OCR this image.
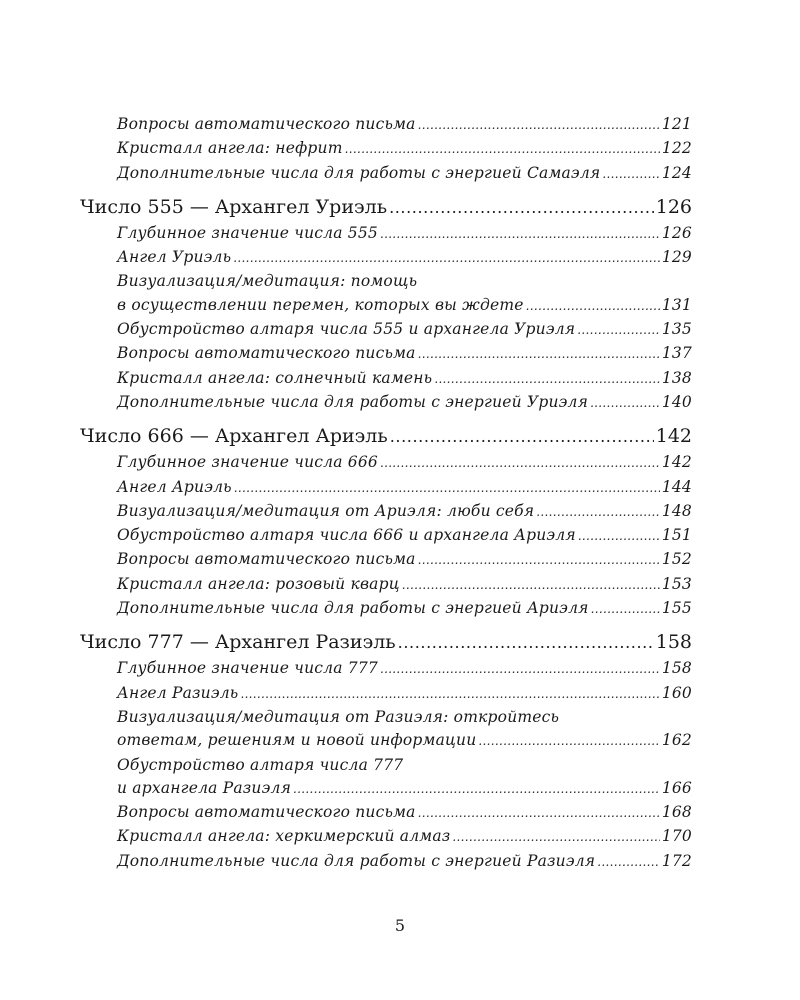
Вопросы автоматического письма .....	121
Кристалл ангела: нефрит .....	122
Дополнительные числа для работы с энергией Самаэля .....	124
Число 555 — Архангел Уриэль .....	126
Глубинное значение числа 555 .....	126
Ангел Уриэль .....	129
Визуализация/медитация: помощь
в осуществлении перемен, которых вы ждете .....	131
Обустройство алтаря числа 555 и архангела Уриэля .....	135
Вопросы автоматического письма .....	137
Кристалл ангела: солнечный камень .....	138
Дополнительные числа для работы с энергией Уриэля .....	140
Число 666 — Архангел Ариэль .....	142
Глубинное значение числа 666 .....	142
Ангел Ариэль .....	144
Визуализация/медитация от Ариэля: люби себя .....	148
Обустройство алтаря числа 666 и архангела Ариэля .....	151
Вопросы автоматического письма .....	152
Кристалл ангела: розовый кварц .....	153
Дополнительные числа для работы с энергией Ариэля .....	155
Число 777 — Архангел Разиэль .....	158
Глубинное значение числа 777 .....	158
Ангел Разиэль .....	160
Визуализация/медитация от Разиэля: откройтесь
ответам, решениям и новой информации .....	162
Обустройство алтаря числа 777
и архангела Разиэля .....	166
Вопросы автоматического письма .....	168
Кристалл ангела: херкимерский алмаз .....	170
Дополнительные числа для работы с энергией Разиэля .....	172
5
